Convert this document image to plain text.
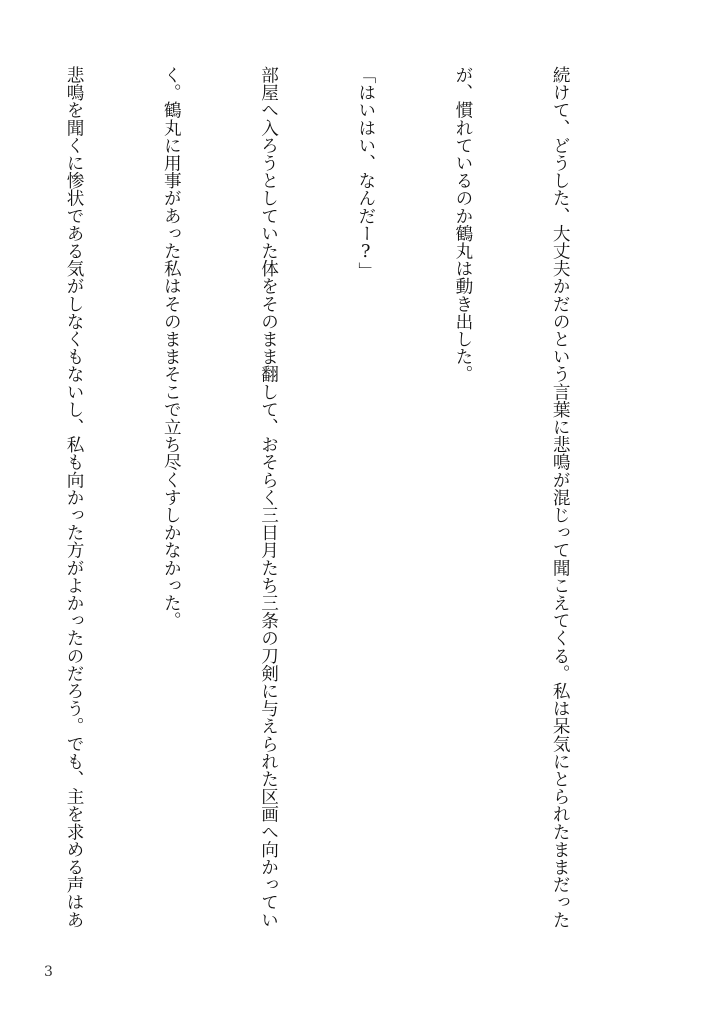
続けて、どうした、大丈夫かだのという言葉に悲鳴が混じって聞こえてくる。私は呆気にとられたままだった

が、慣れているのか鶴丸は動き出した。

「はいはい、なんだー?」

部屋へ入ろうとしていた体をそのまま翻して、おそらく三日月たち三条の刀剣に与えられた区画へ向かってい

く。鶴丸に用事があった私はそのままそこで立ち尽くすしかなかった。

悲鳴を聞くに惨状である気がしなくもないし、私も向かった方がよかったのだろう。でも、主を求める声はあ

3
